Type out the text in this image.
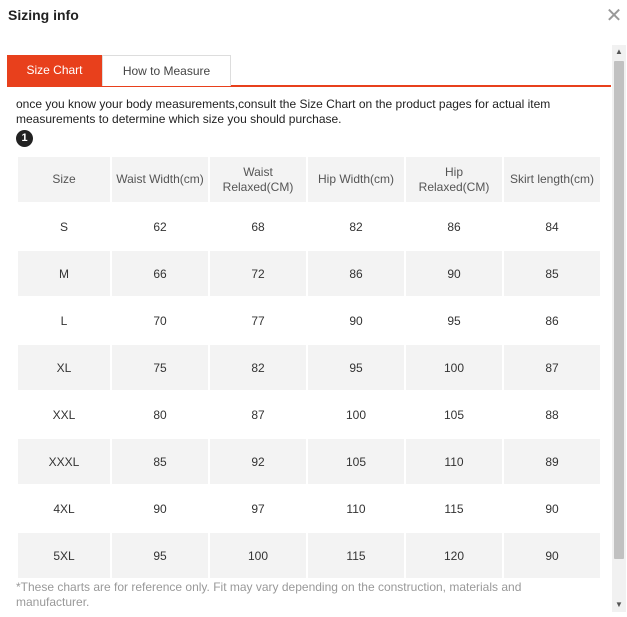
Sizing info	✕
Size Chart	How to Measure
once you know your body measurements,consult the Size Chart on the product pages for actual item measurements to determine which size you should purchase.
1
Size	Waist Width(cm)	Waist Relaxed(CM)	Hip Width(cm)	Hip Relaxed(CM)	Skirt length(cm)
S	62	68	82	86	84
M	66	72	86	90	85
L	70	77	90	95	86
XL	75	82	95	100	87
XXL	80	87	100	105	88
XXXL	85	92	105	110	89
4XL	90	97	110	115	90
5XL	95	100	115	120	90
*These charts are for reference only. Fit may vary depending on the construction, materials and manufacturer.
▲
▼
